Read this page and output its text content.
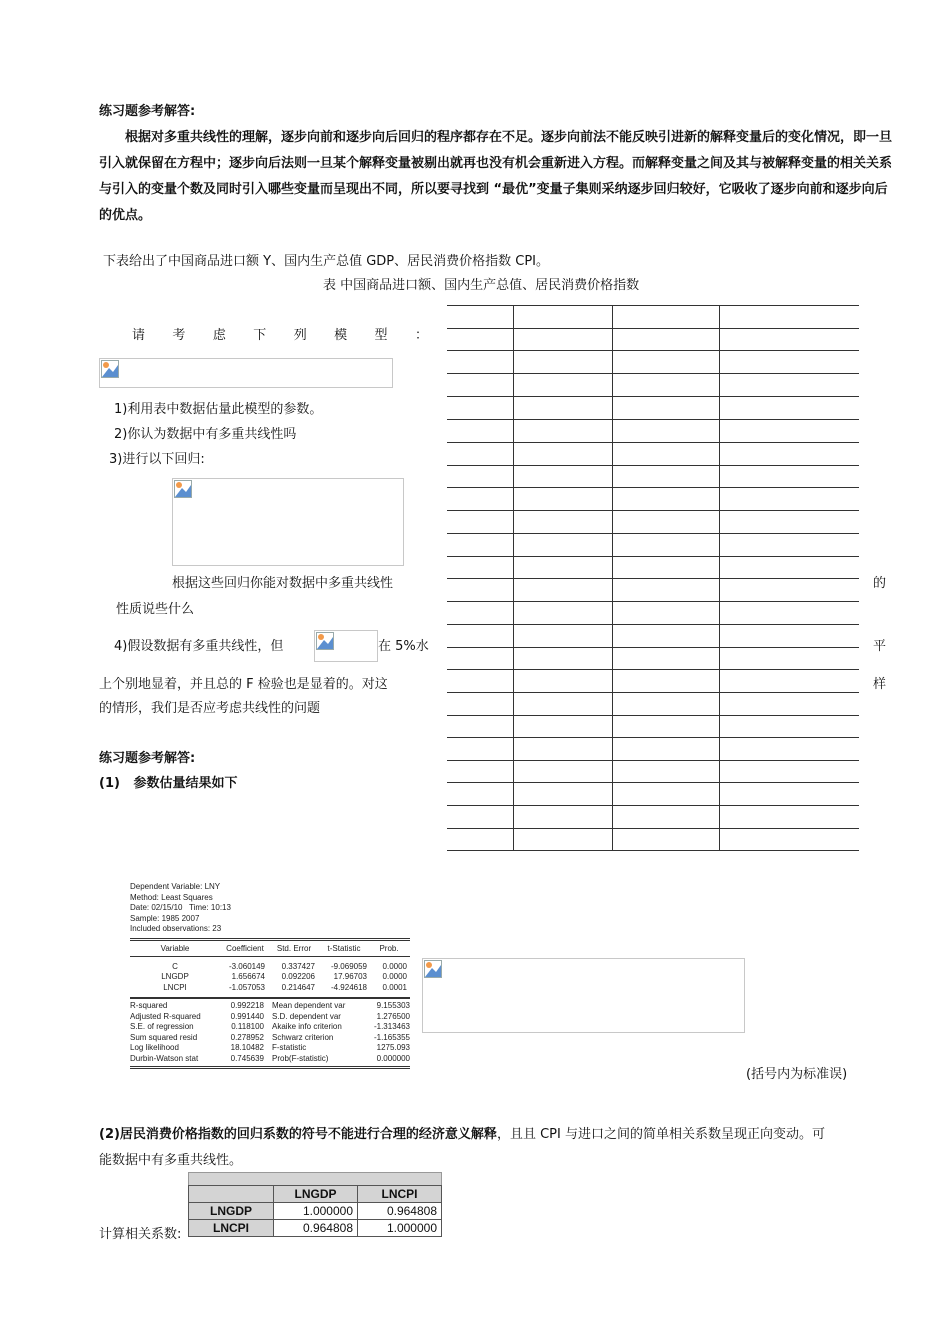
练习题参考解答:
根据对多重共线性的理解，逐步向前和逐步向后回归的程序都存在不足。逐步向前法不能反映引进新的解释变量后的变化情况，即一旦引入就保留在方程中；逐步向后法则一旦某个解释变量被剔出就再也没有机会重新进入方程。而解释变量之间及其与被解释变量的相关关系与引入的变量个数及同时引入哪些变量而呈现出不同，所以要寻找到 “最优”变量子集则采纳逐步回归较好，它吸收了逐步向前和逐步向后的优点。
下表给出了中国商品进口额 Y、国内生产总值 GDP、居民消费价格指数 CPI。
表 中国商品进口额、国内生产总值、居民消费价格指数
请 考 虑 下 列 模 型 ：
1)利用表中数据估量此模型的参数。
2)你认为数据中有多重共线性吗
3)进行以下回归:
根据这些回归你能对数据中多重共线性	的
性质说些什么
4)假设数据有多重共线性，但	在 5%水	平
上个别地显着，并且总的 F 检验也是显着的。对这	样
的情形，我们是否应考虑共线性的问题
练习题参考解答:
(1)   参数估量结果如下
Dependent Variable: LNY
Method: Least Squares
Date: 02/15/10   Time: 10:13
Sample: 1985 2007
Included observations: 23
Variable	Coefficient	Std. Error	t-Statistic	Prob.
C	-3.060149	0.337427	-9.069059	0.0000
LNGDP	1.656674	0.092206	17.96703	0.0000
LNCPI	-1.057053	0.214647	-4.924618	0.0001
R-squared	0.992218	Mean dependent var	9.155303
Adjusted R-squared	0.991440	S.D. dependent var	1.276500
S.E. of regression	0.118100	Akaike info criterion	-1.313463
Sum squared resid	0.278952	Schwarz criterion	-1.165355
Log likelihood	18.10482	F-statistic	1275.093
Durbin-Watson stat	0.745639	Prob(F-statistic)	0.000000
(括号内为标准误)
(2)居民消费价格指数的回归系数的符号不能进行合理的经济意义解释，且且 CPI 与进口之间的简单相关系数呈现正向变动。可
能数据中有多重共线性。
计算相关系数:
	LNGDP	LNCPI
LNGDP	1.000000	0.964808
LNCPI	0.964808	1.000000
